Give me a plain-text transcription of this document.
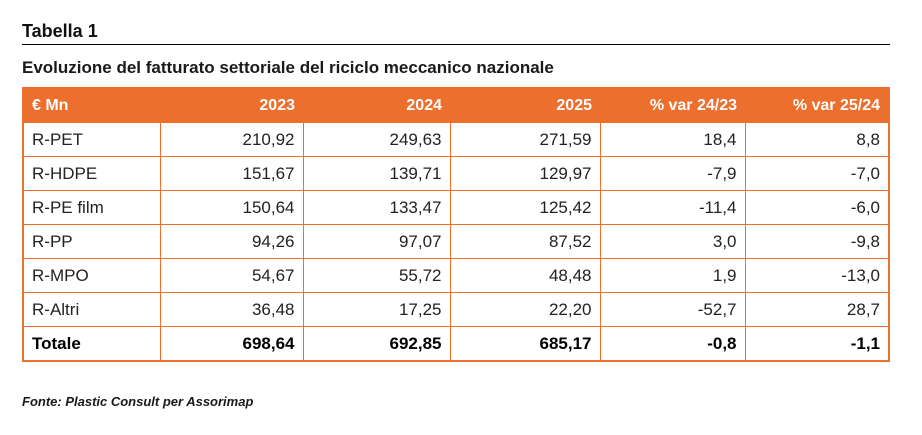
Tabella 1
Evoluzione del fatturato settoriale del riciclo meccanico nazionale
€ Mn	2023	2024	2025	% var 24/23	% var 25/24
R-PET	210,92	249,63	271,59	18,4	8,8
R-HDPE	151,67	139,71	129,97	-7,9	-7,0
R-PE film	150,64	133,47	125,42	-11,4	-6,0
R-PP	94,26	97,07	87,52	3,0	-9,8
R-MPO	54,67	55,72	48,48	1,9	-13,0
R-Altri	36,48	17,25	22,20	-52,7	28,7
Totale	698,64	692,85	685,17	-0,8	-1,1
Fonte: Plastic Consult per Assorimap
